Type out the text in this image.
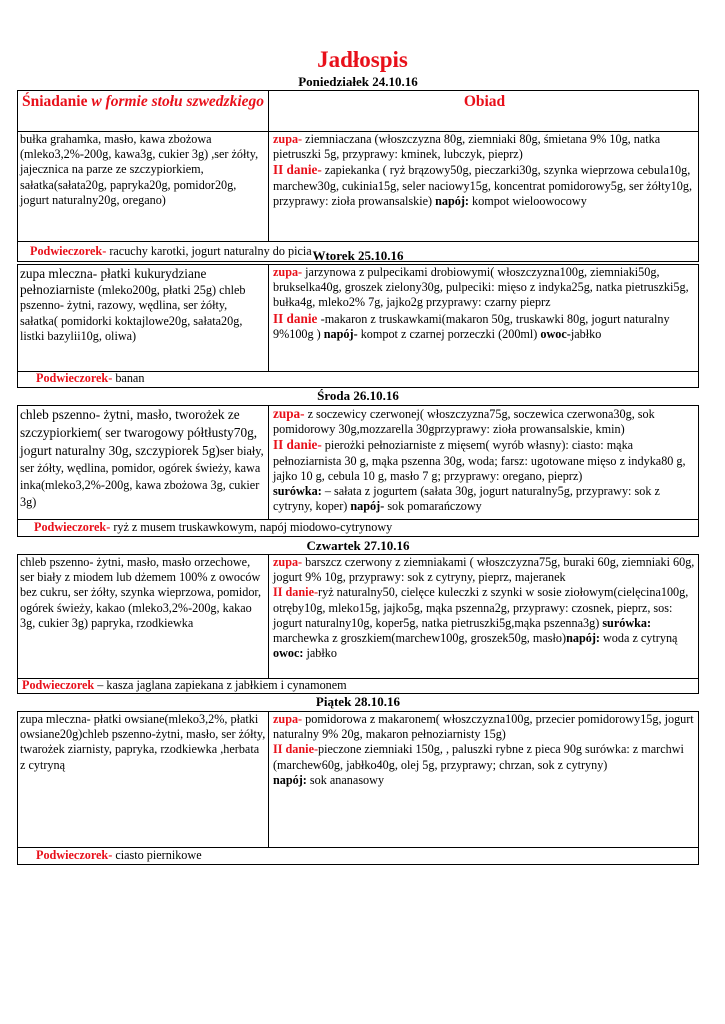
Jadłospis
Poniedziałek 24.10.16
Śniadanie w formie stołu szwedzkiego	Obiad
bułka grahamka, masło, kawa zbożowa (mleko3,2%-200g, kawa3g, cukier 3g) ,ser żółty, jajecznica na parze ze szczypiorkiem, sałatka(sałata20g, papryka20g, pomidor20g, jogurt naturalny20g, oregano)
zupa- ziemniaczana (włoszczyzna 80g, ziemniaki 80g, śmietana 9% 10g, natka pietruszki 5g, przyprawy: kminek, lubczyk, pieprz)
II danie- zapiekanka ( ryż brązowy50g, pieczarki30g, szynka wieprzowa cebula10g, marchew30g, cukinia15g, seler naciowy15g, koncentrat pomidorowy5g, ser żółty10g, przyprawy: zioła prowansalskie) napój: kompot wieloowocowy
Podwieczorek- racuchy karotki, jogurt naturalny do picia Wtorek 25.10.16
zupa mleczna- płatki kukurydziane pełnoziarniste (mleko200g, płatki 25g) chleb pszenno- żytni, razowy, wędlina, ser żółty, sałatka( pomidorki koktajlowe20g, sałata20g, listki bazylii10g, oliwa)
zupa- jarzynowa z pulpecikami drobiowymi( włoszczyzna100g, ziemniaki50g, brukselka40g, groszek zielony30g, pulpeciki: mięso z indyka25g, natka pietruszki5g, bułka4g, mleko2% 7g, jajko2g przyprawy: czarny pieprz
II danie -makaron z truskawkami(makaron 50g, truskawki 80g, jogurt naturalny 9%100g ) napój- kompot z czarnej porzeczki (200ml) owoc-jabłko
Podwieczorek- banan
Środa 26.10.16
chleb pszenno- żytni, masło, tworożek ze szczypiorkiem( ser twarogowy półtłusty70g, jogurt naturalny 30g, szczypiorek 5g)ser biały, ser żółty, wędlina, pomidor, ogórek świeży, kawa inka(mleko3,2%-200g, kawa zbożowa 3g, cukier 3g)
zupa- z soczewicy czerwonej( włoszczyzna75g, soczewica czerwona30g, sok pomidorowy 30g,mozzarella 30gprzyprawy: zioła prowansalskie, kmin)
II danie- pierożki pełnoziarniste z mięsem( wyrób własny): ciasto: mąka pełnoziarnista 30 g, mąka pszenna 30g, woda; farsz: ugotowane mięso z indyka80 g, jajko 10 g, cebula 10 g, masło 7 g; przyprawy: oregano, pieprz)
surówka: – sałata z jogurtem (sałata 30g, jogurt naturalny5g, przyprawy: sok z cytryny, koper) napój- sok pomarańczowy
Podwieczorek- ryż z musem truskawkowym, napój miodowo-cytrynowy
Czwartek 27.10.16
chleb pszenno- żytni, masło, masło orzechowe, ser biały z miodem lub dżemem 100% z owoców bez cukru, ser żółty, szynka wieprzowa, pomidor, ogórek świeży, kakao (mleko3,2%-200g, kakao 3g, cukier 3g) papryka, rzodkiewka
zupa- barszcz czerwony z ziemniakami ( włoszczyzna75g, buraki 60g, ziemniaki 60g, jogurt 9% 10g, przyprawy: sok z cytryny, pieprz, majeranek
II danie-ryż naturalny50, cielęce kuleczki z szynki w sosie ziołowym(cielęcina100g, otręby10g, mleko15g, jajko5g, mąka pszenna2g, przyprawy: czosnek, pieprz, sos: jogurt naturalny10g, koper5g, natka pietruszki5g,mąka pszenna3g) surówka: marchewka z groszkiem(marchew100g, groszek50g, masło)napój: woda z cytryną owoc: jabłko
Podwieczorek – kasza jaglana zapiekana z jabłkiem i cynamonem
Piątek 28.10.16
zupa mleczna- płatki owsiane(mleko3,2%, płatki owsiane20g)chleb pszenno-żytni, masło, ser żółty, twarożek ziarnisty, papryka, rzodkiewka ,herbata z cytryną
zupa- pomidorowa z makaronem( włoszczyzna100g, przecier pomidorowy15g, jogurt naturalny 9% 20g, makaron pełnoziarnisty 15g)
II danie-pieczone ziemniaki 150g, , paluszki rybne z pieca 90g surówka: z marchwi (marchew60g, jabłko40g, olej 5g, przyprawy; chrzan, sok z cytryny)
napój: sok ananasowy
Podwieczorek- ciasto piernikowe
